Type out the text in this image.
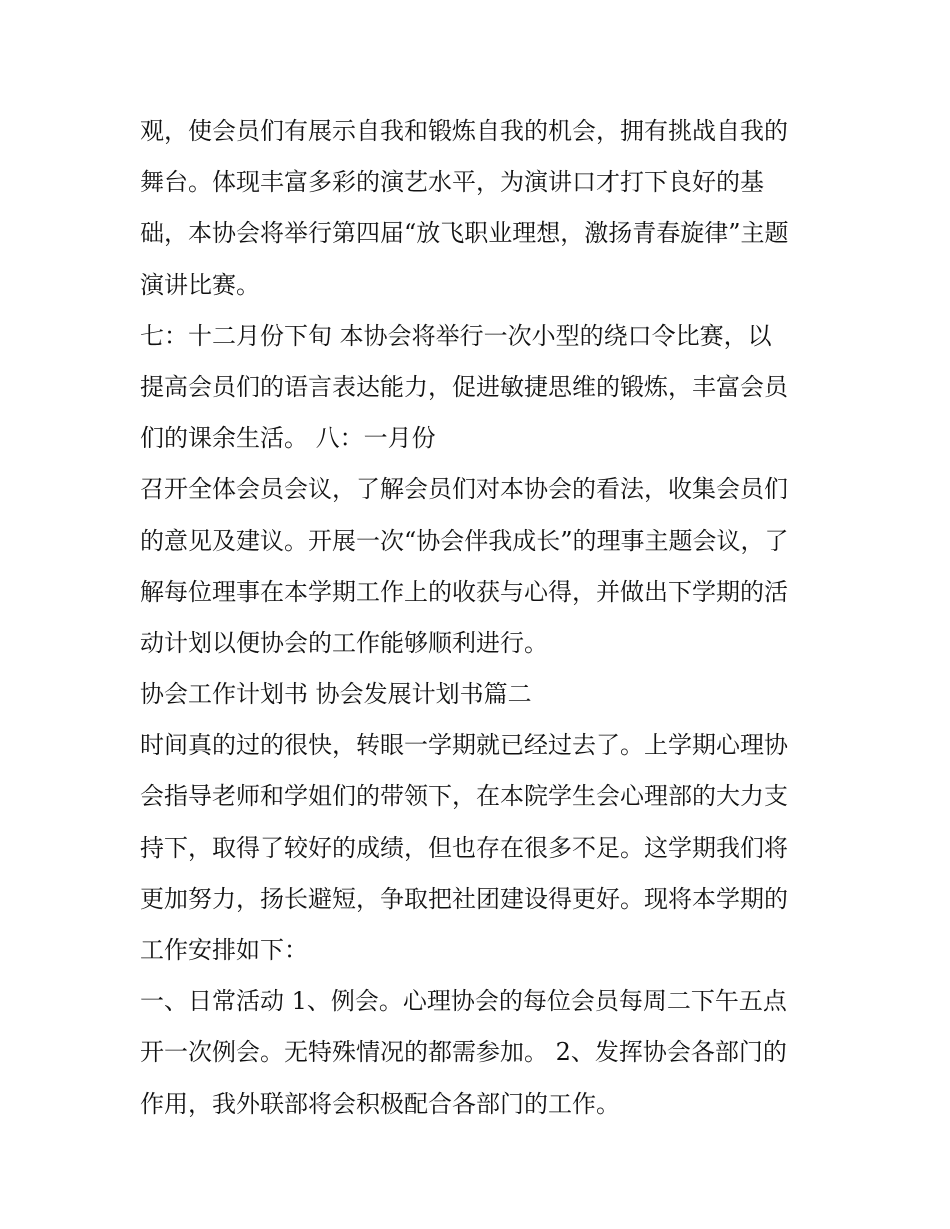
观，使会员们有展示自我和锻炼自我的机会，拥有挑战自我的
舞台。体现丰富多彩的演艺水平，为演讲口才打下良好的基
础，本协会将举行第四届“放飞职业理想，激扬青春旋律”主题
演讲比赛。
七：十二月份下旬 本协会将举行一次小型的绕口令比赛，以
提高会员们的语言表达能力，促进敏捷思维的锻炼，丰富会员
们的课余生活。 八：一月份
召开全体会员会议，了解会员们对本协会的看法，收集会员们
的意见及建议。开展一次“协会伴我成长”的理事主题会议，了
解每位理事在本学期工作上的收获与心得，并做出下学期的活
动计划以便协会的工作能够顺利进行。
协会工作计划书 协会发展计划书篇二
时间真的过的很快，转眼一学期就已经过去了。上学期心理协
会指导老师和学姐们的带领下，在本院学生会心理部的大力支
持下，取得了较好的成绩，但也存在很多不足。这学期我们将
更加努力，扬长避短，争取把社团建设得更好。现将本学期的
工作安排如下：
一、日常活动 1、例会。心理协会的每位会员每周二下午五点
开一次例会。无特殊情况的都需参加。 2、发挥协会各部门的
作用，我外联部将会积极配合各部门的工作。
